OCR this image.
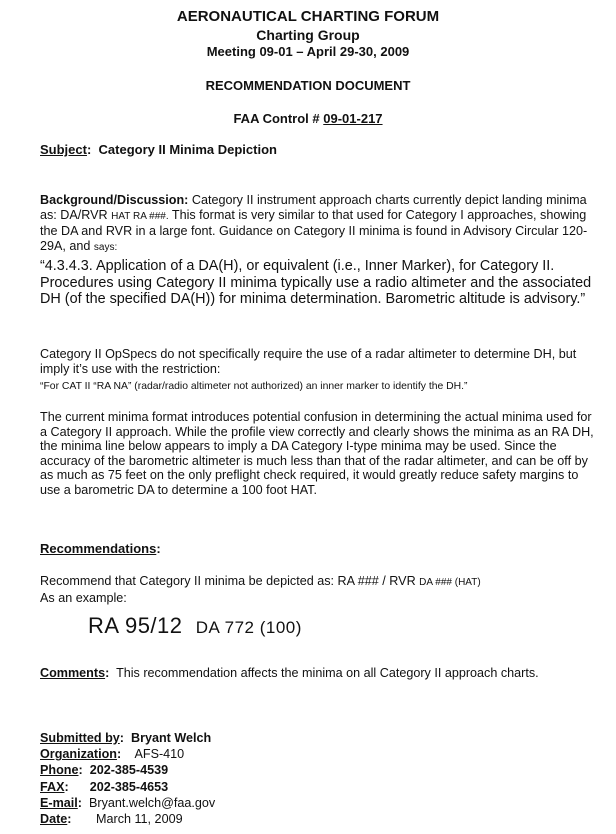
AERONAUTICAL CHARTING FORUM
Charting Group
Meeting 09-01 – April 29-30, 2009
RECOMMENDATION DOCUMENT
FAA Control # 09-01-217
Subject:  Category II Minima Depiction
Background/Discussion: Category II instrument approach charts currently depict landing minima as: DA/RVR HAT RA ###. This format is very similar to that used for Category I approaches, showing the DA and RVR in a large font. Guidance on Category II minima is found in Advisory Circular 120-29A, and says:
“4.3.4.3. Application of a DA(H), or equivalent (i.e., Inner Marker), for Category II. Procedures using Category II minima typically use a radio altimeter and the associated DH (of the specified DA(H)) for minima determination. Barometric altitude is advisory.”
Category II OpSpecs do not specifically require the use of a radar altimeter to determine DH, but imply it’s use with the restriction:
“For CAT II “RA NA” (radar/radio altimeter not authorized) an inner marker to identify the DH.”
The current minima format introduces potential confusion in determining the actual minima used for a Category II approach. While the profile view correctly and clearly shows the minima as an RA DH, the minima line below appears to imply a DA Category I-type minima may be used. Since the accuracy of the barometric altimeter is much less than that of the radar altimeter, and can be off by as much as 75 feet on the only preflight check required, it would greatly reduce safety margins to use a barometric DA to determine a 100 foot HAT.
Recommendations:
Recommend that Category II minima be depicted as: RA ### / RVR DA ### (HAT)
As an example:
RA 95/12 DA 772 (100)
Comments: This recommendation affects the minima on all Category II approach charts.
Submitted by: Bryant Welch
Organization: AFS-410
Phone: 202-385-4539
FAX: 202-385-4653
E-mail: Bryant.welch@faa.gov
Date: March 11, 2009
